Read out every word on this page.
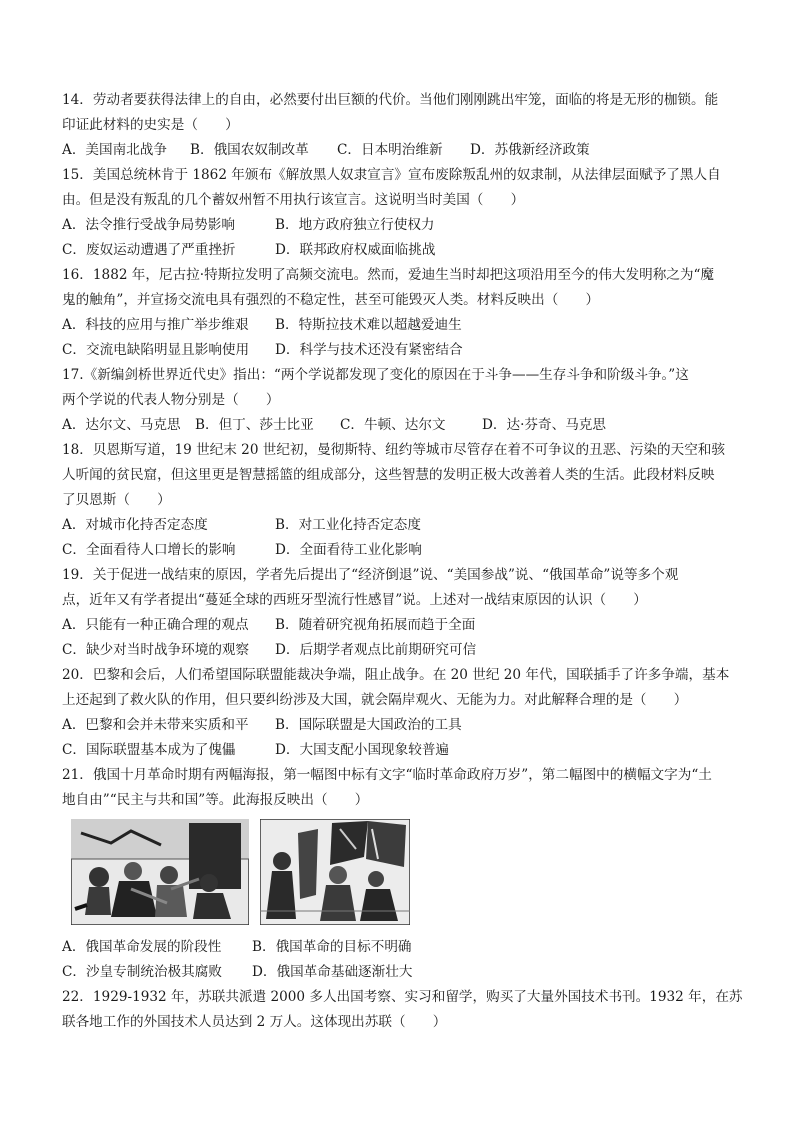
14．劳动者要获得法律上的自由，必然要付出巨额的代价。当他们刚刚跳出牢笼，面临的将是无形的枷锁。能
印证此材料的史实是（　　）
A．美国南北战争	B．俄国农奴制改革	C．日本明治维新	D．苏俄新经济政策
15．美国总统林肯于 1862 年颁布《解放黑人奴隶宣言》宣布废除叛乱州的奴隶制，从法律层面赋予了黑人自
由。但是没有叛乱的几个蓄奴州暂不用执行该宣言。这说明当时美国（　　）
A．法令推行受战争局势影响	B．地方政府独立行使权力
C．废奴运动遭遇了严重挫折	D．联邦政府权威面临挑战
16．1882 年，尼古拉·特斯拉发明了高频交流电。然而，爱迪生当时却把这项沿用至今的伟大发明称之为“魔
鬼的触角”，并宣扬交流电具有强烈的不稳定性，甚至可能毁灭人类。材料反映出（　　）
A．科技的应用与推广举步维艰	B．特斯拉技术难以超越爱迪生
C．交流电缺陷明显且影响使用	D．科学与技术还没有紧密结合
17.《新编剑桥世界近代史》指出：“两个学说都发现了变化的原因在于斗争——生存斗争和阶级斗争。”这
两个学说的代表人物分别是（　　）
A．达尔文、马克思	B．但丁、莎士比亚	C．牛顿、达尔文	D．达·芬奇、马克思
18．贝恩斯写道，19 世纪末 20 世纪初，曼彻斯特、纽约等城市尽管存在着不可争议的丑恶、污染的天空和骇
人听闻的贫民窟，但这里更是智慧摇篮的组成部分，这些智慧的发明正极大改善着人类的生活。此段材料反映
了贝恩斯（　　）
A．对城市化持否定态度	B．对工业化持否定态度
C．全面看待人口增长的影响	D．全面看待工业化影响
19．关于促进一战结束的原因，学者先后提出了“经济倒退”说、“美国参战”说、“俄国革命”说等多个观
点，近年又有学者提出“蔓延全球的西班牙型流行性感冒”说。上述对一战结束原因的认识（　　）
A．只能有一种正确合理的观点	B．随着研究视角拓展而趋于全面
C．缺少对当时战争环境的观察	D．后期学者观点比前期研究可信
20．巴黎和会后，人们希望国际联盟能裁决争端，阻止战争。在 20 世纪 20 年代，国联插手了许多争端，基本
上还起到了救火队的作用，但只要纠纷涉及大国，就会隔岸观火、无能为力。对此解释合理的是（　　）
A．巴黎和会并未带来实质和平	B．国际联盟是大国政治的工具
C．国际联盟基本成为了傀儡	D．大国支配小国现象较普遍
21．俄国十月革命时期有两幅海报，第一幅图中标有文字“临时革命政府万岁”，第二幅图中的横幅文字为“土
地自由”“民主与共和国”等。此海报反映出（　　）
A．俄国革命发展的阶段性	B．俄国革命的目标不明确
C．沙皇专制统治极其腐败	D．俄国革命基础逐渐壮大
22．1929-1932 年，苏联共派遣 2000 多人出国考察、实习和留学，购买了大量外国技术书刊。1932 年，在苏
联各地工作的外国技术人员达到 2 万人。这体现出苏联（　　）
